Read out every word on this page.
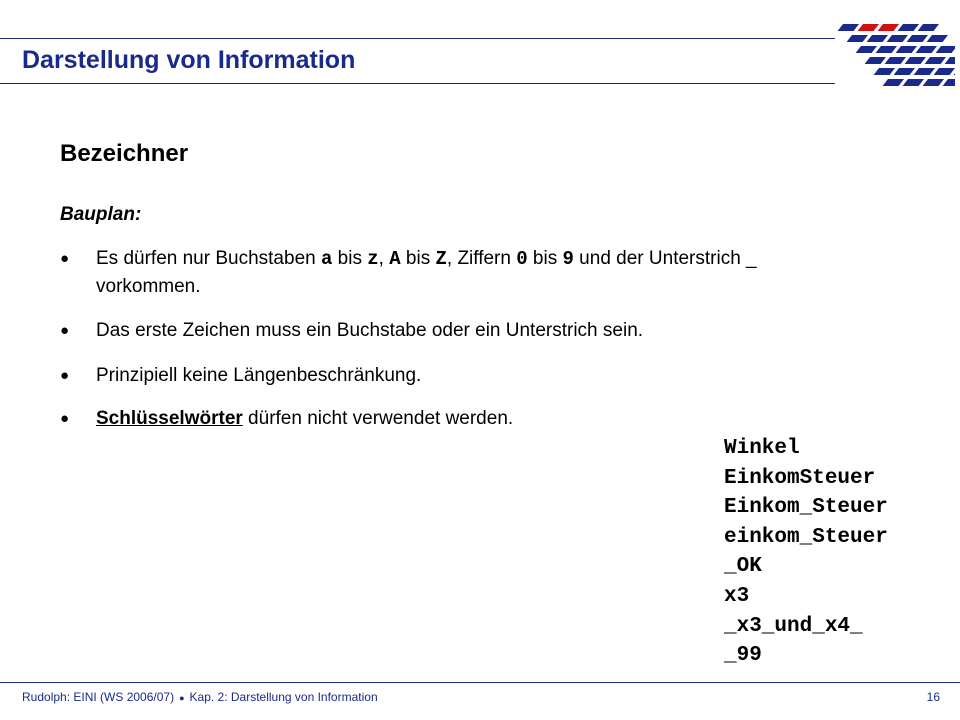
Darstellung von Information
Bezeichner
Bauplan:
●	Es dürfen nur Buchstaben a bis z, A bis Z, Ziffern 0 bis 9 und der Unterstrich _ vorkommen.
●	Das erste Zeichen muss ein Buchstabe oder ein Unterstrich sein.
●	Prinzipiell keine Längenbeschränkung.
●	Schlüsselwörter dürfen nicht verwendet werden.
Winkel
EinkomSteuer
Einkom_Steuer
einkom_Steuer
_OK
x3
_x3_und_x4_
_99
Rudolph: EINI (WS 2006/07) ● Kap. 2: Darstellung von Information	16
